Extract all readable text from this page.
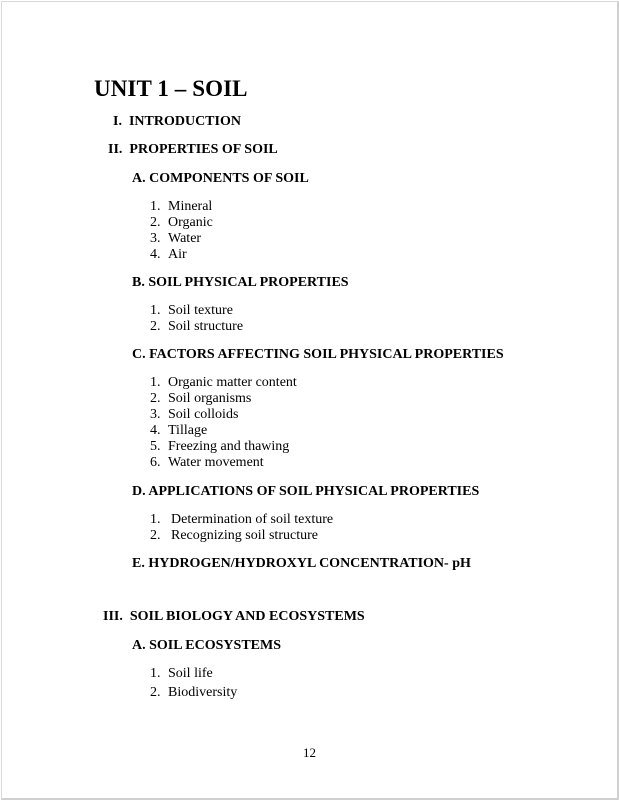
UNIT 1 – SOIL
I. INTRODUCTION
II. PROPERTIES OF SOIL
A. COMPONENTS OF SOIL
1. Mineral
2. Organic
3. Water
4. Air
B. SOIL PHYSICAL PROPERTIES
1. Soil texture
2. Soil structure
C. FACTORS AFFECTING SOIL PHYSICAL PROPERTIES
1. Organic matter content
2. Soil organisms
3. Soil colloids
4. Tillage
5. Freezing and thawing
6. Water movement
D. APPLICATIONS OF SOIL PHYSICAL PROPERTIES
1. Determination of soil texture
2. Recognizing soil structure
E. HYDROGEN/HYDROXYL CONCENTRATION- pH
III. SOIL BIOLOGY AND ECOSYSTEMS
A. SOIL ECOSYSTEMS
1. Soil life
2. Biodiversity
12
